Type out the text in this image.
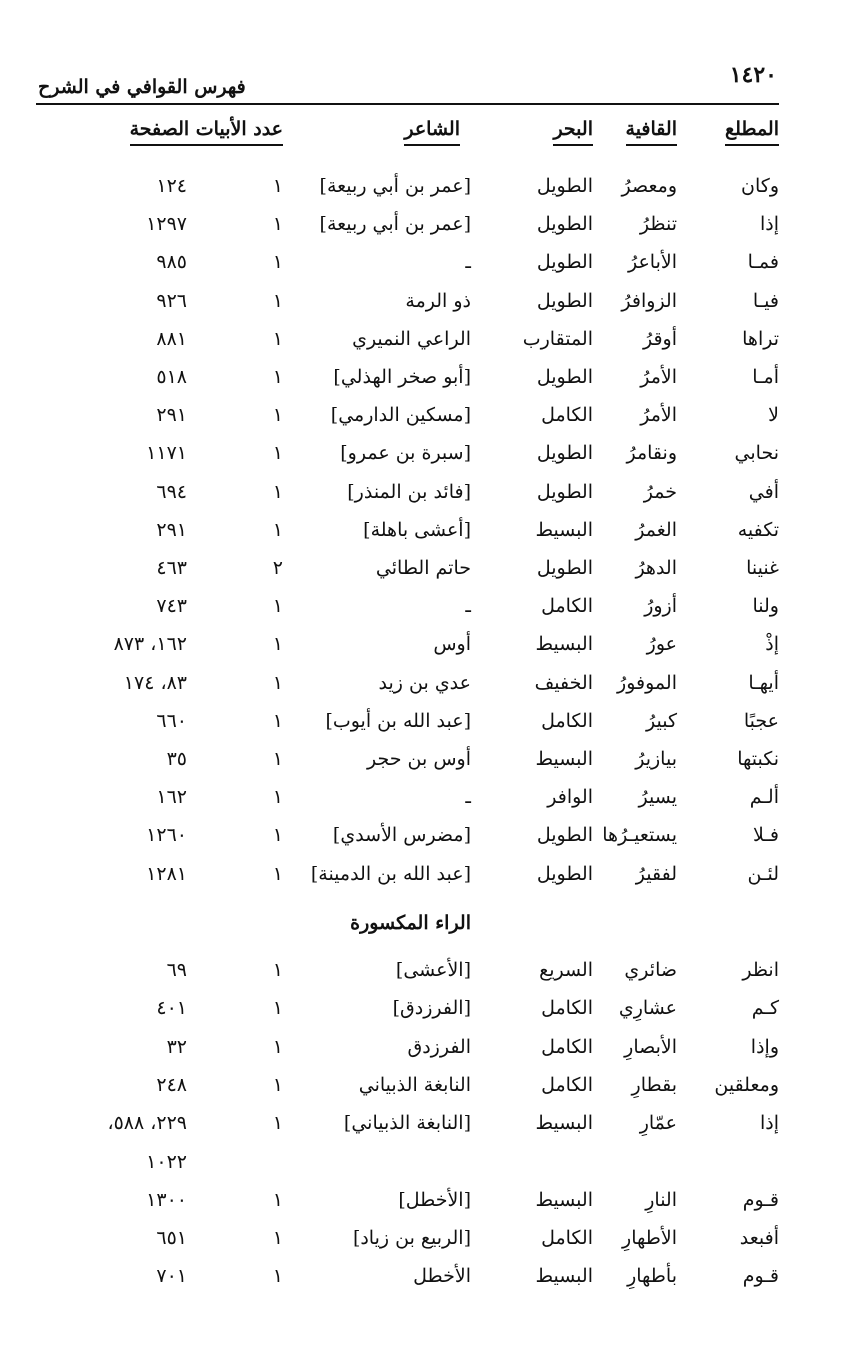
١٤٢٠
فهرس القوافي في الشرح
المطلع
القافية
البحر
الشاعر
عدد الأبيات الصفحة
وكان
ومعصرُ
الطويل
[عمر بن أبي ربيعة]
١
١٢٤
إذا
تنظرُ
الطويل
[عمر بن أبي ربيعة]
١
١٢٩٧
فمـا
الأباعرُ
الطويل
ـ
١
٩٨٥
فيـا
الزوافرُ
الطويل
ذو الرمة
١
٩٢٦
تراها
أوقرُ
المتقارب
الراعي النميري
١
٨٨١
أمـا
الأمرُ
الطويل
[أبو صخر الهذلي]
١
٥١٨
لا
الأمرُ
الكامل
[مسكين الدارمي]
١
٢٩١
نحابي
ونقامرُ
الطويل
[سبرة بن عمرو]
١
١١٧١
أفي
خمرُ
الطويل
[فائد بن المنذر]
١
٦٩٤
تكفيه
الغمرُ
البسيط
[أعشى باهلة]
١
٢٩١
غنينا
الدهرُ
الطويل
حاتم الطائي
٢
٤٦٣
ولنا
أزورُ
الكامل
ـ
١
٧٤٣
إذْ
عورُ
البسيط
أوس
١
١٦٢، ٨٧٣
أيهـا
الموفورُ
الخفيف
عدي بن زيد
١
٨٣، ١٧٤
عجبًا
كبيرُ
الكامل
[عبد الله بن أيوب]
١
٦٦٠
نكبتها
بيازيرُ
البسيط
أوس بن حجر
١
٣٥
ألـم
يسيرُ
الوافر
ـ
١
١٦٢
فـلا
يستعيـرُها
الطويل
[مضرس الأسدي]
١
١٢٦٠
لئـن
لفقيرُ
الطويل
[عبد الله بن الدمينة]
١
١٢٨١
الراء المكسورة
انظر
ضائري
السريع
[الأعشى]
١
٦٩
كـم
عشارِي
الكامل
[الفرزدق]
١
٤٠١
وإذا
الأبصارِ
الكامل
الفرزدق
١
٣٢
ومعلقين
بقطارِ
الكامل
النابغة الذبياني
١
٢٤٨
إذا
عمّارِ
البسيط
[النابغة الذبياني]
١
٢٢٩، ٥٨٨،
١٠٢٢
قـوم
النارِ
البسيط
[الأخطل]
١
١٣٠٠
أفبعد
الأطهارِ
الكامل
[الربيع بن زياد]
١
٦٥١
قـوم
بأطهارِ
البسيط
الأخطل
١
٧٠١
